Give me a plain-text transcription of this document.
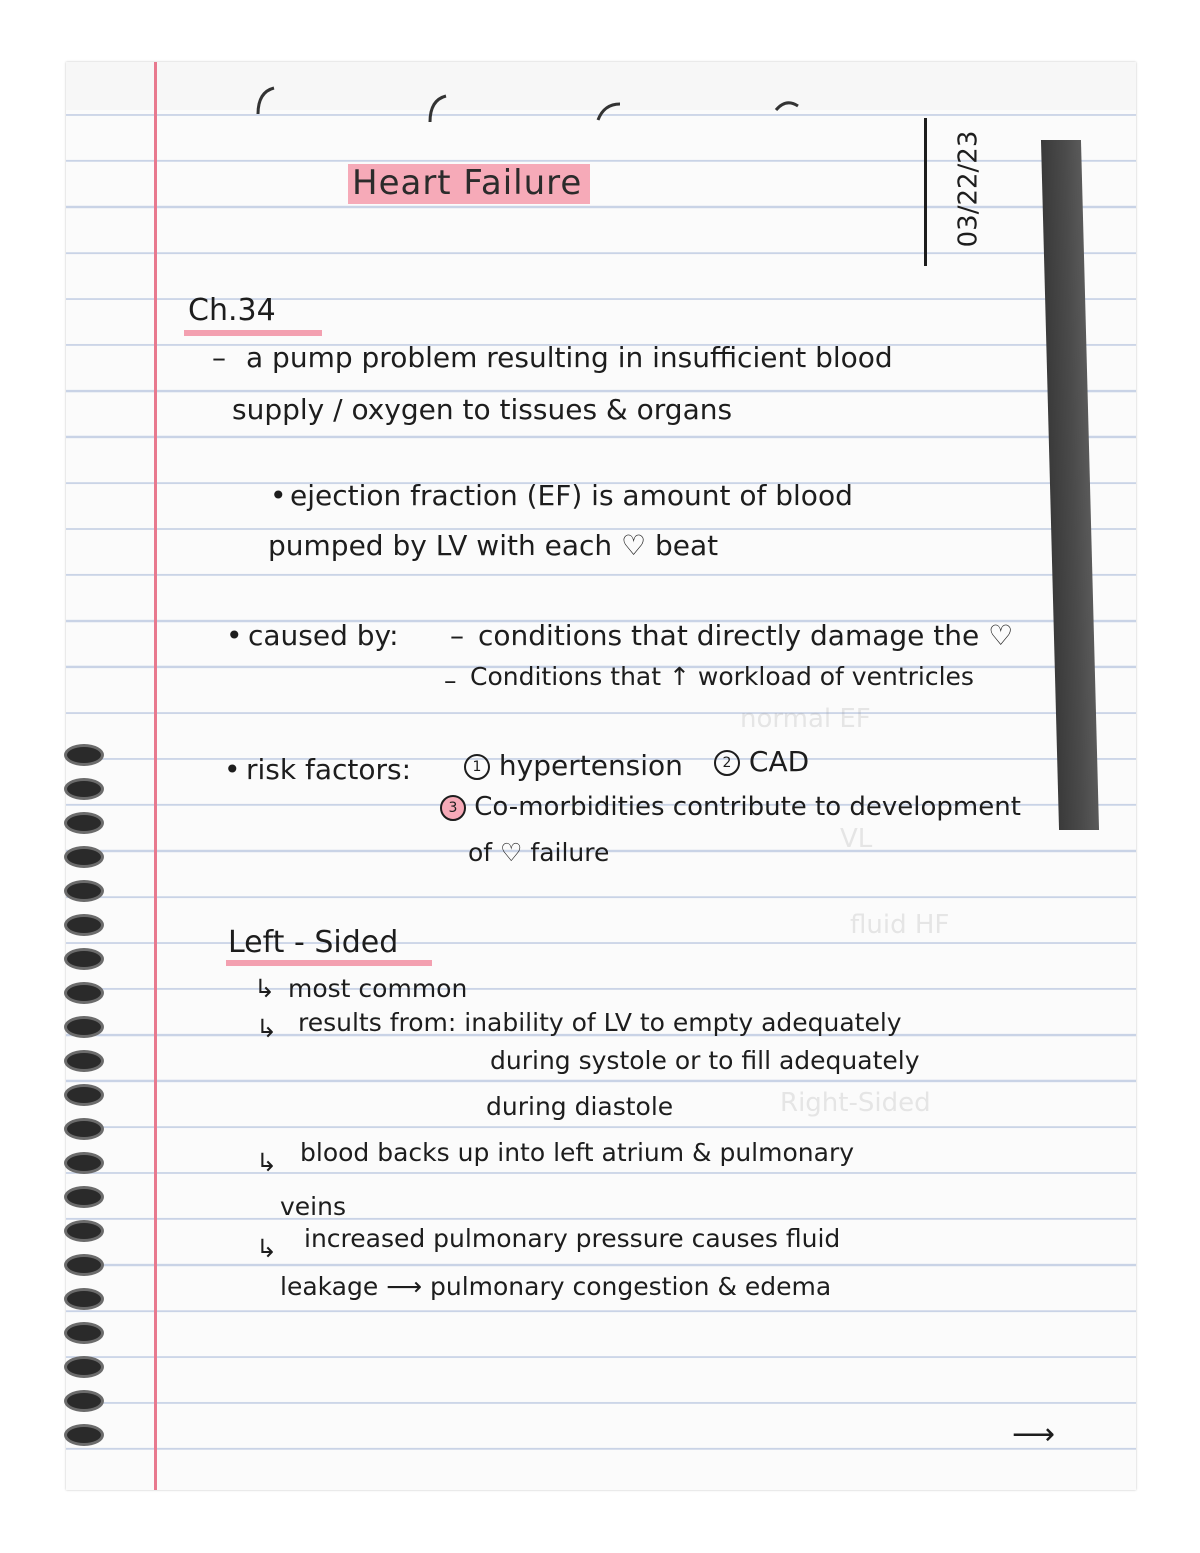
normal EF
VL
fluid HF
Right-Sided
Heart Failure	03/22/23
Ch.34
– a pump problem resulting in insufficient blood
supply / oxygen to tissues & organs
• ejection fraction (EF) is amount of blood
pumped by LV with each ♡ beat
• caused by: – conditions that directly damage the ♡
– Conditions that ↑ workload of ventricles
• risk factors:	1 hypertension	2 CAD
3 Co-morbidities contribute to development
of ♡ failure
Left - Sided
↳ most common
↳ results from: inability of LV to empty adequately
during systole or to fill adequately
during diastole
↳ blood backs up into left atrium & pulmonary
veins
↳ increased pulmonary pressure causes fluid
leakage ⟶ pulmonary congestion & edema
⟶
